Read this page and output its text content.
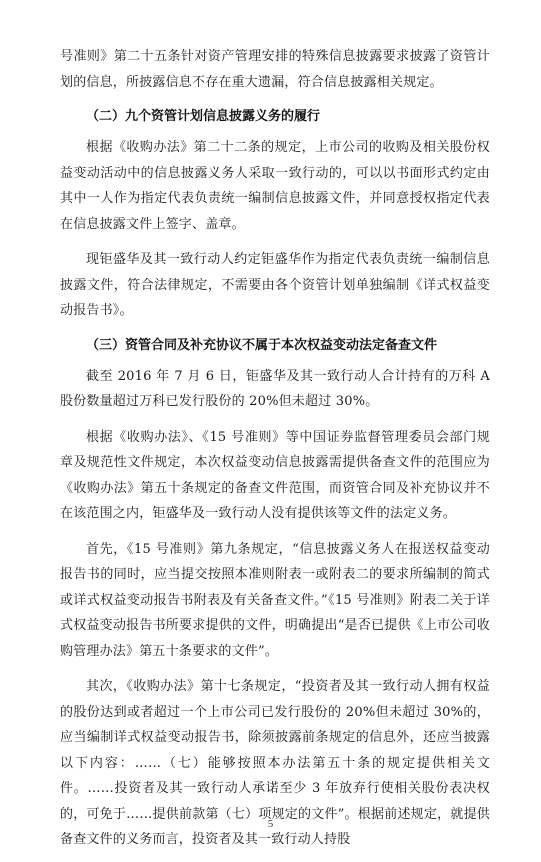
号准则》第二十五条针对资产管理安排的特殊信息披露要求披露了资管计划的信息，所披露信息不存在重大遗漏，符合信息披露相关规定。

（二）九个资管计划信息披露义务的履行

根据《收购办法》第二十二条的规定，上市公司的收购及相关股份权益变动活动中的信息披露义务人采取一致行动的，可以以书面形式约定由其中一人作为指定代表负责统一编制信息披露文件，并同意授权指定代表在信息披露文件上签字、盖章。

现钜盛华及其一致行动人约定钜盛华作为指定代表负责统一编制信息披露文件，符合法律规定，不需要由各个资管计划单独编制《详式权益变动报告书》。

（三）资管合同及补充协议不属于本次权益变动法定备查文件

截至 2016 年 7 月 6 日，钜盛华及其一致行动人合计持有的万科 A 股份数量超过万科已发行股份的 20%但未超过 30%。

根据《收购办法》、《15 号准则》等中国证券监督管理委员会部门规章及规范性文件规定，本次权益变动信息披露需提供备查文件的范围应为《收购办法》第五十条规定的备查文件范围，而资管合同及补充协议并不在该范围之内，钜盛华及一致行动人没有提供该等文件的法定义务。

首先，《15 号准则》第九条规定，“信息披露义务人在报送权益变动报告书的同时，应当提交按照本准则附表一或附表二的要求所编制的简式或详式权益变动报告书附表及有关备查文件。”《15 号准则》附表二关于详式权益变动报告书所要求提供的文件，明确提出“是否已提供《上市公司收购管理办法》第五十条要求的文件”。

其次，《收购办法》第十七条规定，“投资者及其一致行动人拥有权益的股份达到或者超过一个上市公司已发行股份的 20%但未超过 30%的，应当编制详式权益变动报告书，除须披露前条规定的信息外，还应当披露以下内容：……（七）能够按照本办法第五十条的规定提供相关文件。……投资者及其一致行动人承诺至少 3 年放弃行使相关股份表决权的，可免于……提供前款第（七）项规定的文件”。根据前述规定，就提供备查文件的义务而言，投资者及其一致行动人持股

5
